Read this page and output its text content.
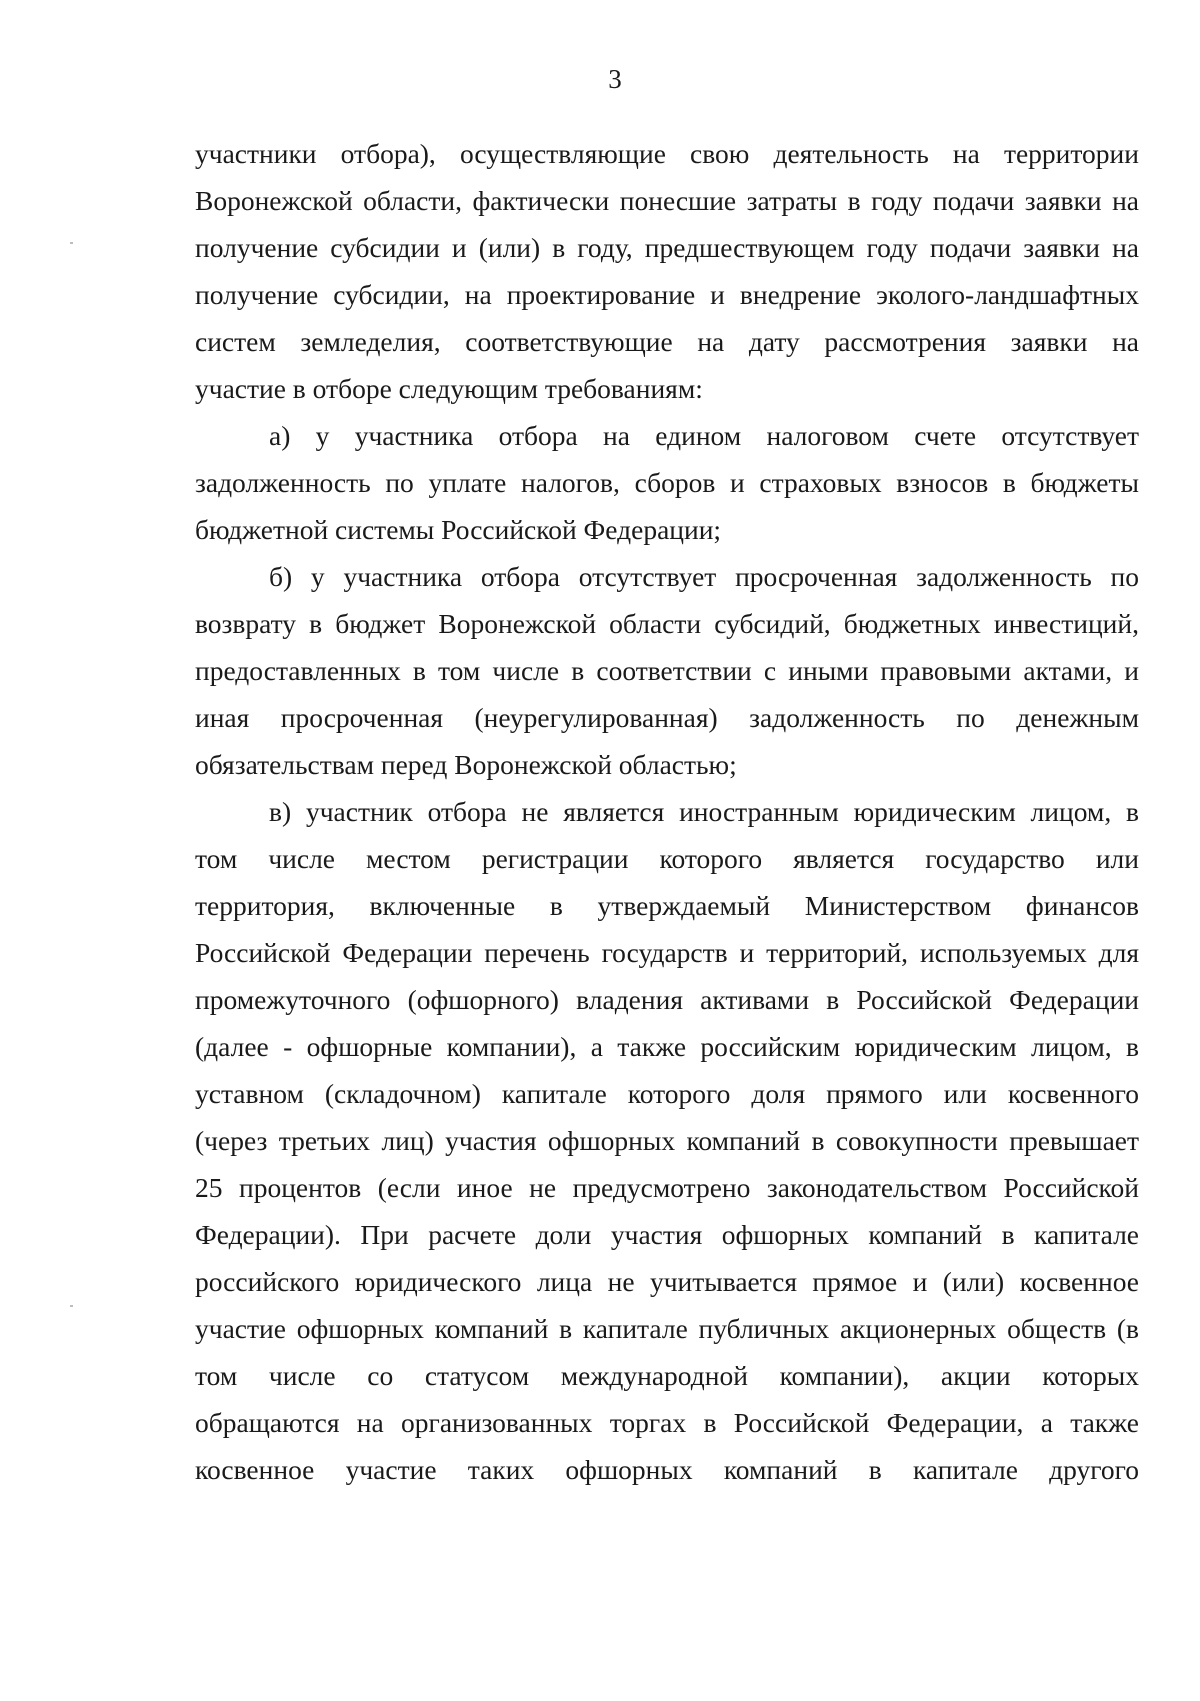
3
участники отбора), осуществляющие свою деятельность на территории
Воронежской области, фактически понесшие затраты в году подачи заявки на
получение субсидии и (или) в году, предшествующем году подачи заявки на
получение субсидии, на проектирование и внедрение эколого-ландшафтных
систем земледелия, соответствующие на дату рассмотрения заявки на
участие в отборе следующим требованиям:
а) у участника отбора на едином налоговом счете отсутствует
задолженность по уплате налогов, сборов и страховых взносов в бюджеты
бюджетной системы Российской Федерации;
б) у участника отбора отсутствует просроченная задолженность по
возврату в бюджет Воронежской области субсидий, бюджетных инвестиций,
предоставленных в том числе в соответствии с иными правовыми актами, и
иная просроченная (неурегулированная) задолженность по денежным
обязательствам перед Воронежской областью;
в) участник отбора не является иностранным юридическим лицом, в
том числе местом регистрации которого является государство или
территория, включенные в утверждаемый Министерством финансов
Российской Федерации перечень государств и территорий, используемых для
промежуточного (офшорного) владения активами в Российской Федерации
(далее - офшорные компании), а также российским юридическим лицом, в
уставном (складочном) капитале которого доля прямого или косвенного
(через третьих лиц) участия офшорных компаний в совокупности превышает
25 процентов (если иное не предусмотрено законодательством Российской
Федерации). При расчете доли участия офшорных компаний в капитале
российского юридического лица не учитывается прямое и (или) косвенное
участие офшорных компаний в капитале публичных акционерных обществ (в
том числе со статусом международной компании), акции которых
обращаются на организованных торгах в Российской Федерации, а также
косвенное участие таких офшорных компаний в капитале другого
